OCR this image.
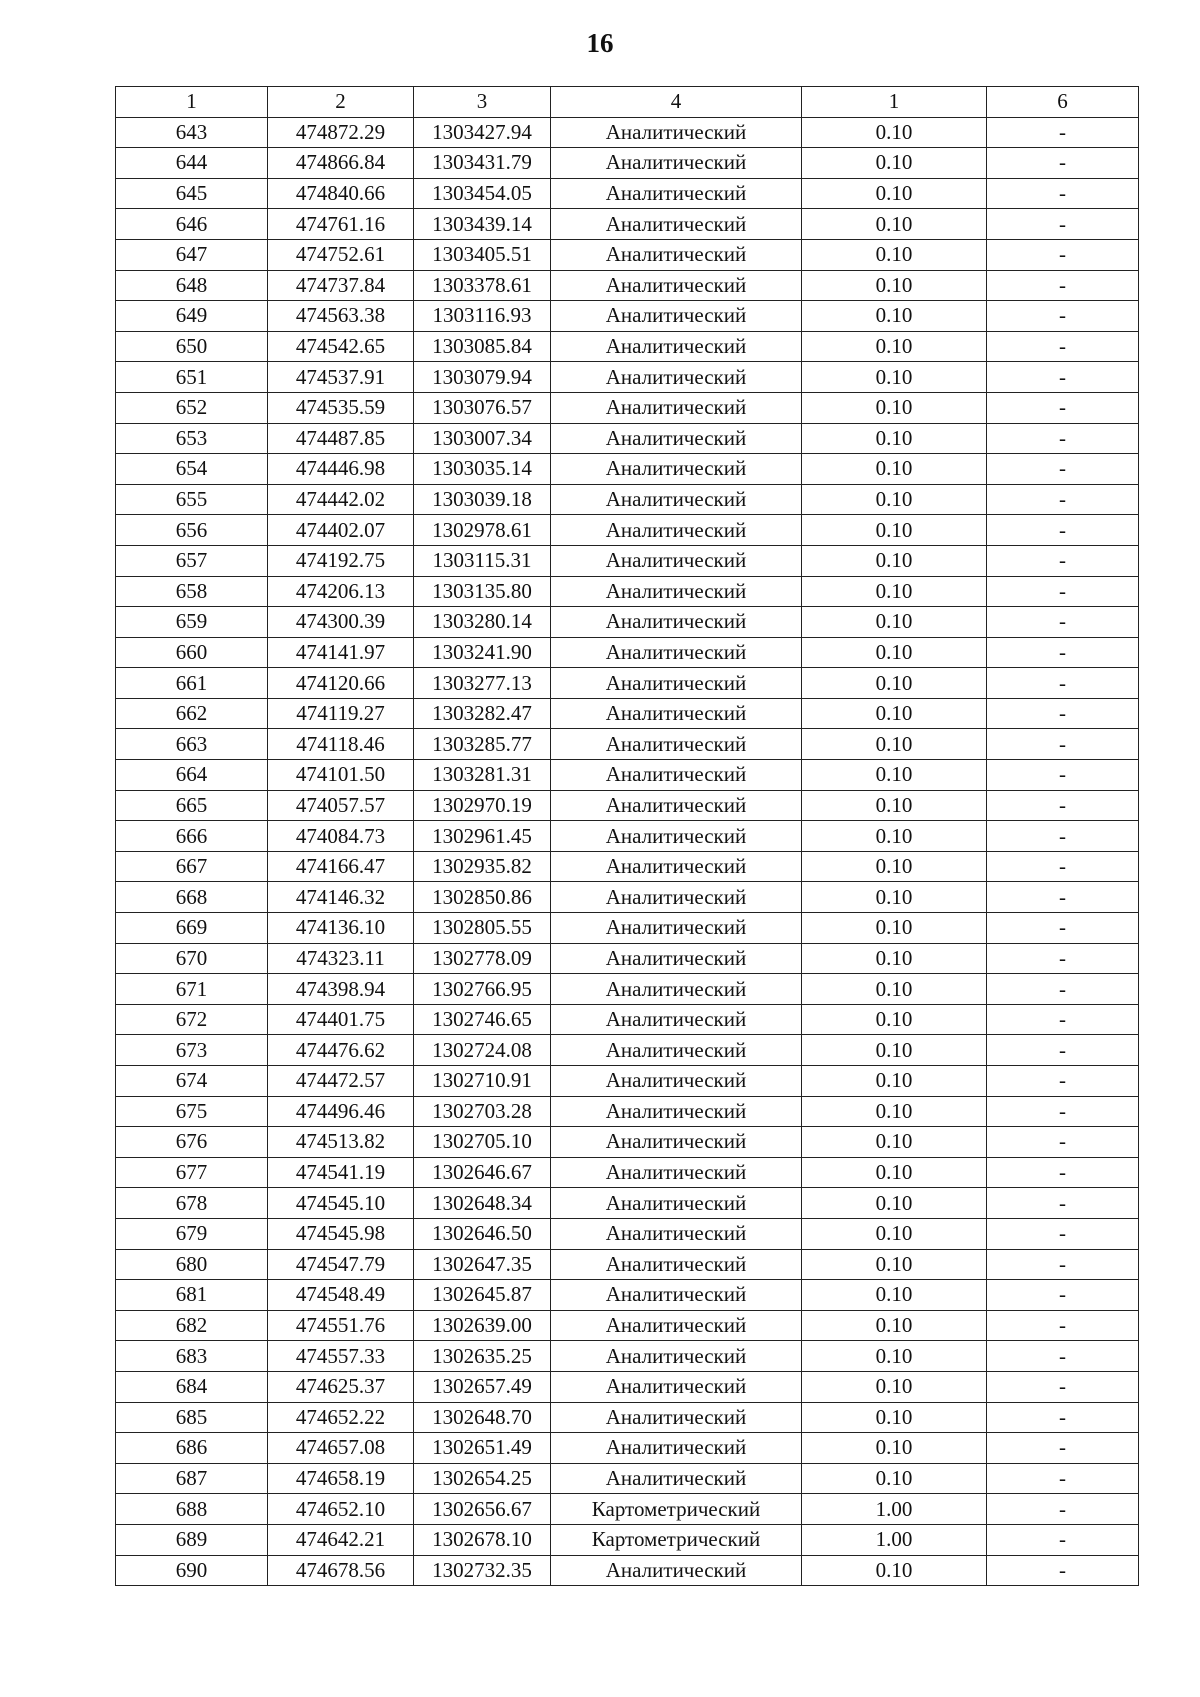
16
1	2	3	4	1	6
643	474872.29	1303427.94	Аналитический	0.10	-
644	474866.84	1303431.79	Аналитический	0.10	-
645	474840.66	1303454.05	Аналитический	0.10	-
646	474761.16	1303439.14	Аналитический	0.10	-
647	474752.61	1303405.51	Аналитический	0.10	-
648	474737.84	1303378.61	Аналитический	0.10	-
649	474563.38	1303116.93	Аналитический	0.10	-
650	474542.65	1303085.84	Аналитический	0.10	-
651	474537.91	1303079.94	Аналитический	0.10	-
652	474535.59	1303076.57	Аналитический	0.10	-
653	474487.85	1303007.34	Аналитический	0.10	-
654	474446.98	1303035.14	Аналитический	0.10	-
655	474442.02	1303039.18	Аналитический	0.10	-
656	474402.07	1302978.61	Аналитический	0.10	-
657	474192.75	1303115.31	Аналитический	0.10	-
658	474206.13	1303135.80	Аналитический	0.10	-
659	474300.39	1303280.14	Аналитический	0.10	-
660	474141.97	1303241.90	Аналитический	0.10	-
661	474120.66	1303277.13	Аналитический	0.10	-
662	474119.27	1303282.47	Аналитический	0.10	-
663	474118.46	1303285.77	Аналитический	0.10	-
664	474101.50	1303281.31	Аналитический	0.10	-
665	474057.57	1302970.19	Аналитический	0.10	-
666	474084.73	1302961.45	Аналитический	0.10	-
667	474166.47	1302935.82	Аналитический	0.10	-
668	474146.32	1302850.86	Аналитический	0.10	-
669	474136.10	1302805.55	Аналитический	0.10	-
670	474323.11	1302778.09	Аналитический	0.10	-
671	474398.94	1302766.95	Аналитический	0.10	-
672	474401.75	1302746.65	Аналитический	0.10	-
673	474476.62	1302724.08	Аналитический	0.10	-
674	474472.57	1302710.91	Аналитический	0.10	-
675	474496.46	1302703.28	Аналитический	0.10	-
676	474513.82	1302705.10	Аналитический	0.10	-
677	474541.19	1302646.67	Аналитический	0.10	-
678	474545.10	1302648.34	Аналитический	0.10	-
679	474545.98	1302646.50	Аналитический	0.10	-
680	474547.79	1302647.35	Аналитический	0.10	-
681	474548.49	1302645.87	Аналитический	0.10	-
682	474551.76	1302639.00	Аналитический	0.10	-
683	474557.33	1302635.25	Аналитический	0.10	-
684	474625.37	1302657.49	Аналитический	0.10	-
685	474652.22	1302648.70	Аналитический	0.10	-
686	474657.08	1302651.49	Аналитический	0.10	-
687	474658.19	1302654.25	Аналитический	0.10	-
688	474652.10	1302656.67	Картометрический	1.00	-
689	474642.21	1302678.10	Картометрический	1.00	-
690	474678.56	1302732.35	Аналитический	0.10	-
